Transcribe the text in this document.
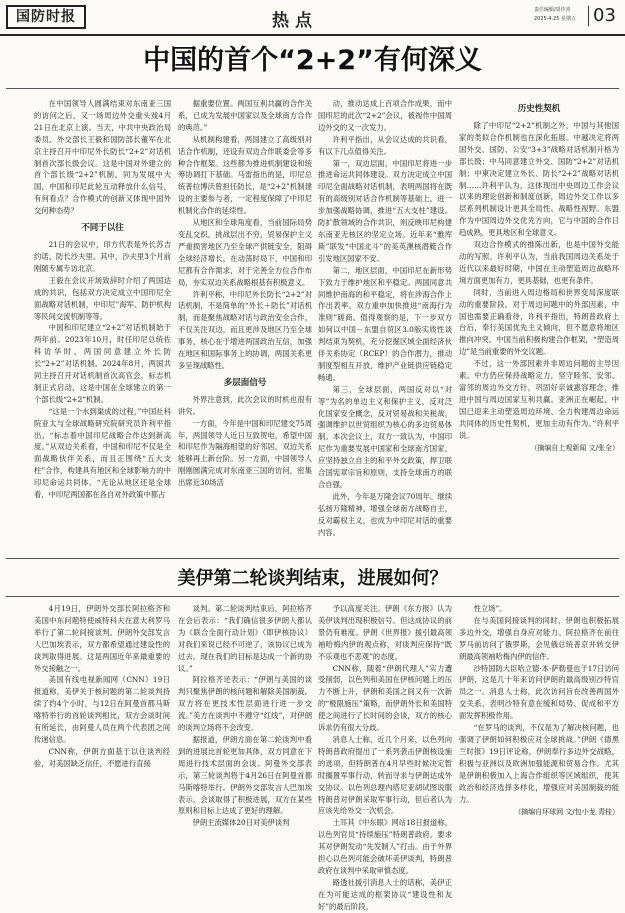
国防时报	热点
责任编辑/周佳喜
2025.4.25 星期五 03
中国的首个“2+2”有何深义

在中国领导人圆满结束对东南亚三国的访问之后，又一场周边外交重头戏4月21日在北京上演。当天，中共中央政治局委员、外交部长王毅和国防部长董军在北京主持召开中印尼外长防长“2+2”对话机制首次部长级会议。这是中国对外建立的首个部长级“2+2”机制。同为发展中大国，中国和印尼此轮互动释放什么信号，有何看点？合作模式的创新又体现中国外交何种态势？

不同于以往

21日的会议中，印方代表是外长苏吉约诺、防长沙夫里。其中，沙夫里3个月前刚随专属专访北京。

王毅在会议开场致辞时介绍了两国达成的共识，包括双方决定成立中国印尼全面战略对话机制，中印尼”海军、防护机构等民间交流机制等等。

中国和印尼建立“2+2”对话机制始于两年前。2023年10月，时任印尼总统佐科访华时，两国同意建立外长防长“2+2”对话机制。2024年8月，两国共同主持召开对话机制首次高官会，标志机制正式启动，这是中国在全球建立的第一个部长级“2+2”机制。

“这是一个水到渠成的过程，”中国社科院亚太与全球战略研究院研究员许利平指出，“标志着中国印尼战略合作达到新高度。”从双边关系看，中国和印尼不仅是全面战略伙伴关系，而且正围绕“五大支柱”合作，构建具有地区和全球影响力的中印尼命运共同体。“无论从地区还是全球看，中印尼两国都在各自对外政策中都占

据重要位置。两国互利共赢的合作关系，已成为发展中国家以及全球南方合作的典范。”

从机制构建看，两国建立了高级别对话合作机制，还设有双边合作联委会等多种合作框架。这些都为推进机制建设和统筹协调打下基础。马雷指出的是，印尼总统普拉博沃曾担任防长，是“2+2”机制建设的主要参与者，一定程度保障了中印尼机制化合作的延续性。

从地区和全球角度看，当前国际局势变乱交织，挑战层出不穷，贸易保护主义严重损害地区乃至全球产供链安全，阻碍全球经济增长，在动荡时局下，中国和印尼都有合作需求，对于完善全方位合作布局，夯实双边关系战略根基有积极意义。

许利平称，中印尼外长防长“2+2”对话机制，不是简单的“外长＋防长”对话机制，而是聚焦战略对话与政治安全合作，不仅关注双边，而且更涉及地区乃至全球事务，核心在于增进两国政治互信，加强在地区和国际事务上的协调，两国关系更多呈现战略性。

多层面信号

外界注意到，此次会议的时机也很有讲究。

一方面，今年是中国和印尼建交75周年，两国领导人近日互致贺电，希望中国和印尼作为隔海相望的好邻居，双边关系能够再上新台阶。另一方面，中国领导人刚刚圆满完成对东南亚三国的访问，密集出席近30场活

动，推动达成上百项合作成果，而中国印尼的此次“2+2”会议，被视作中国周边外交的又一次发力。

许利平指出，从会议达成的共识看，有以下几点值得关注。

第一，双边层面，中国印尼将进一步推进命运共同体建设。双方决定成立中国印尼全面战略对话机制，表明两国将在既有的高级别对话合作机制等基础上，进一步加强战略协调，推进“五大支柱”建设。防扩散领域的合作共识，则反映印尼构建东南亚无核区的坚定立场。近年来“雅库斯”联发“中国北斗”的美英澳核潜艇合作引发地区国家不安。

第二，地区层面，中国印尼在新形势下致力于维护地区和平稳定。两国同意共同维护南海的和平稳定，将在涉海合作上作出表率。双方重申加快推进“南海行为准则”磋商。值得观察的是，下一步双方如何以中国－东盟自贸区3.0版实质性谈判结束为契机，充分挖掘区域全面经济伙伴关系协定（RCEP）的合作潜力，推动制度型相互开放，维护产业链供应链稳定畅通。

第三，全球层面，两国反对以“对等”为名的单边主义和保护主义，反对泛化国家安全概念，反对贸易战和关税战，强调维护以世贸组织为核心的多边贸易体制。本次会议上，双方一致认为，中国印尼作为重要发展中国家和全球南方国家，应坚持独立自主的和平外交政策，捍卫联合国宪章宗旨和原则，支持全球南方的联合自强。

此外，今年是万隆会议70周年。继续弘扬万隆精神、增强全球南方战略自主，反对霸权主义，也成为中印尼对话的重要内容。

历史性契机

除了中印尼“2+2”机制之外，中国与其他国家的类似合作机制也在深化拓展。中越决定将两国外交、国防、公安“3+3”战略对话机制升格为部长级；中马同意建立外交、国防“2+2”对话机制；中柬决定建立外长、防长“2+2”战略对话机制……许利平认为，这体现出中央周边工作会议以来的理论创新和制度创新，周边外交工作以多层系列机制设计更具全局性、战略性视野。东盟作为中国周边外交优先方向，它与中国的合作日趋成熟，更具地区和全球意义。

双边合作模式的推陈出新，也是中国外交能动的写照。许利平认为，当前我国周边关系处于近代以来最好时期，中国在主动塑造周边战略环境方面更加有力，更具基础，也更有条件。

同时，当前进入周边格局和世界变局深度联动的重要阶段。对于周边问题中的外部因素，中国也需要正确看待，许利平指出，特朗普政府上台后，奉行美国优先主义倾向，但不愿意将地区推向冲突。中国当前积极构建合作框架，“塑造周边”是当前重要的外交议题。

不过，这一外部因素并非周边问题的主导因素。中方仍应保持战略定力，坚守睦邻、安邻、富邻的周边外交方针，巩固好亲诚惠容理念，推进中国与周边国家互利共赢。亚洲正在崛起，中国已迎来主动塑造周边环境、全力构建周边命运共同体的历史性契机，更加主动有作为。”许利平说。

（摘编自上观新闻 文/张全）

美伊第二轮谈判结束，进展如何？

4月19日，伊朗外交部长阿拉格齐和美国中东问题特使威特科夫在意大利罗马举行了第二轮间接谈判。伊朗外交部发言人巴加埃表示，双方都希望通过建设性的谈判取得进展。这是两国近年来最重要的外交接触之一。

美国有线电视新闻网（CNN）19日报道称，美伊关于核问题的第二轮谈判持续了约4个小时，与12日在阿曼首都马斯喀特举行的首轮谈判相比，双方会谈时间有所延长，由阿曼人员在两个代表团之间传递信息。

CNN称，伊朗方面基于以往谈判经验，对美国缺乏信任，不愿进行直接

谈判。第二轮谈判结束后，阿拉格齐在会后表示：“我们确信很多伊朗人都认为《联合全面行动计划》（即伊核协议）对我们来说已经不可逆了，该协议已成为过去。现在我们的目标是达成一个新的协议。”

阿拉格齐还表示：“伊朗与美国的谈判只聚焦伊朗的核问题和解除美国制裁。双方将在更技术性层面进行进一步交流。”美方在谈判中不遵守“红线”，对伊朗的谈判立场将不会改变。

据报道，伊朗方面在第二轮谈判中看到的进展比首轮更加具体，双方同意在下周进行技术层面的会谈。阿曼外交部表示，第三轮谈判将于4月26日在阿曼首都马斯喀特举行。伊朗外交部发言人巴加埃表示，会谈取得了积极进展，双方在某些原则和目标上达成了更好的理解。

伊朗主流媒体20日对美伊谈判

予以高度关注。伊朗《东方报》认为美伊谈判出现积极信号。但这成协议的前景仍有难度。伊朗《世界报》援引最高领袖哈梅内伊的观点称，对谈判应保持“既不乐观也不悲观”的态度。

CNN称，随着“伊朗代理人”实力遭受削弱，以色列和美国在伊核问题上的压力不断上升，伊朗和美国之间又有一次新的“极限施压”策略，而伊朗外长和美国特使之间进行了长时间的会谈，双方的核心诉求仍有很大分歧。

消息人士称，近几个月来，以色列向特朗普政府提出了一系列袭击伊朗核设施的选项，但特朗普在4月早些时候决定暂时搁置军事行动，转而寻求与伊朗达成外交协议。以色列总理内塔尼亚胡试图说服特朗普对伊朗采取军事行动，但后者认为应该先给外交一次机会。

土耳其《中东眼》网站18日报道称，以色列官员“持续施压”特朗普政府，要求其对伊朗发动“先发制人”打击。由于外界担心以色列可能会破坏美伊谈判，特朗普政府在谈判中采取审慎态度。

路透社援引消息人士的话称，美伊正在为可能达成的框架协议“建设性和友好”的最后阶段。

性立场”。

在与美国间接谈判的同时，伊朗也积极拓展多边外交，增强自身应对能力。阿拉格齐在前往罗马前访问了俄罗斯，会见俄总统普京并转交伊朗最高领袖哈梅内伊的信件。

沙特国防大臣哈立德·本·萨勒曼也于17日访问伊朗，这是几十年来访问伊朗的最高级别沙特官员之一。消息人士称，此次访问旨在改善两国外交关系，表明沙特有意在缓和局势、促成和平方面发挥积极作用。

“在罗马的谈判，不仅是为了解决核问题，也强调了伊朗如何积极应对全球挑战。”伊朗《德黑兰时报》19日评论称，伊朗奉行多边外交战略，积极与亚洲以及欧洲加强能源和贸易合作。尤其是伊朗积极加入上海合作组织等区域组织，使其政治和经济选择多样化，增强应对美国制裁的能力。

（摘编自环球网 文/包小龙 青桂）
